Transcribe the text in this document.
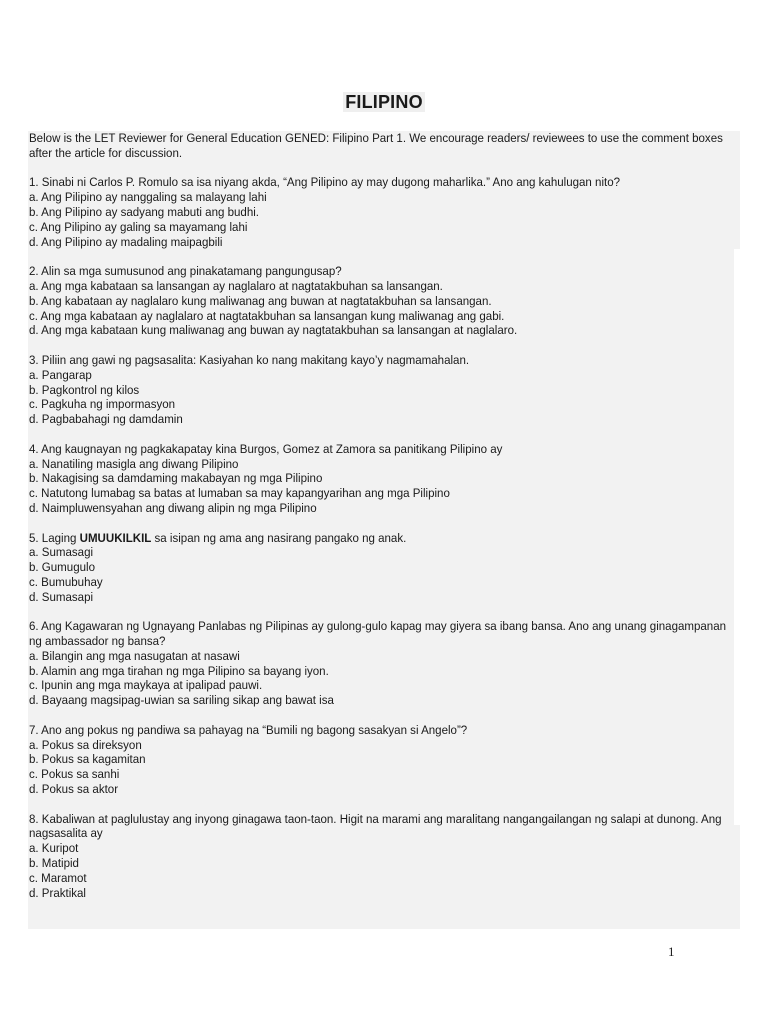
FILIPINO
Below is the LET Reviewer for General Education GENED: Filipino Part 1. We encourage readers/ reviewees to use the comment boxes after the article for discussion.
1. Sinabi ni Carlos P. Romulo sa isa niyang akda, “Ang Pilipino ay may dugong maharlika.” Ano ang kahulugan nito?
a. Ang Pilipino ay nanggaling sa malayang lahi
b. Ang Pilipino ay sadyang mabuti ang budhi.
c. Ang Pilipino ay galing sa mayamang lahi
d. Ang Pilipino ay madaling maipagbili
2. Alin sa mga sumusunod ang pinakatamang pangungusap?
a. Ang mga kabataan sa lansangan ay naglalaro at nagtatakbuhan sa lansangan.
b. Ang kabataan ay naglalaro kung maliwanag ang buwan at nagtatakbuhan sa lansangan.
c. Ang mga kabataan ay naglalaro at nagtatakbuhan sa lansangan kung maliwanag ang gabi.
d. Ang mga kabataan kung maliwanag ang buwan ay nagtatakbuhan sa lansangan at naglalaro.
3. Piliin ang gawi ng pagsasalita: Kasiyahan ko nang makitang kayo’y nagmamahalan.
a. Pangarap
b. Pagkontrol ng kilos
c. Pagkuha ng impormasyon
d. Pagbabahagi ng damdamin
4. Ang kaugnayan ng pagkakapatay kina Burgos, Gomez at Zamora sa panitikang Pilipino ay
a. Nanatiling masigla ang diwang Pilipino
b. Nakagising sa damdaming makabayan ng mga Pilipino
c. Natutong lumabag sa batas at lumaban sa may kapangyarihan ang mga Pilipino
d. Naimpluwensyahan ang diwang alipin ng mga Pilipino
5. Laging UMUUKILKIL sa isipan ng ama ang nasirang pangako ng anak.
a. Sumasagi
b. Gumugulo
c. Bumubuhay
d. Sumasapi
6. Ang Kagawaran ng Ugnayang Panlabas ng Pilipinas ay gulong-gulo kapag may giyera sa ibang bansa. Ano ang unang ginagampanan ng ambassador ng bansa?
a. Bilangin ang mga nasugatan at nasawi
b. Alamin ang mga tirahan ng mga Pilipino sa bayang iyon.
c. Ipunin ang mga maykaya at ipalipad pauwi.
d. Bayaang magsipag-uwian sa sariling sikap ang bawat isa
7. Ano ang pokus ng pandiwa sa pahayag na “Bumili ng bagong sasakyan si Angelo”?
a. Pokus sa direksyon
b. Pokus sa kagamitan
c. Pokus sa sanhi
d. Pokus sa aktor
8. Kabaliwan at paglulustay ang inyong ginagawa taon-taon. Higit na marami ang maralitang nangangailangan ng salapi at dunong. Ang nagsasalita ay
a. Kuripot
b. Matipid
c. Maramot
d. Praktikal
1
